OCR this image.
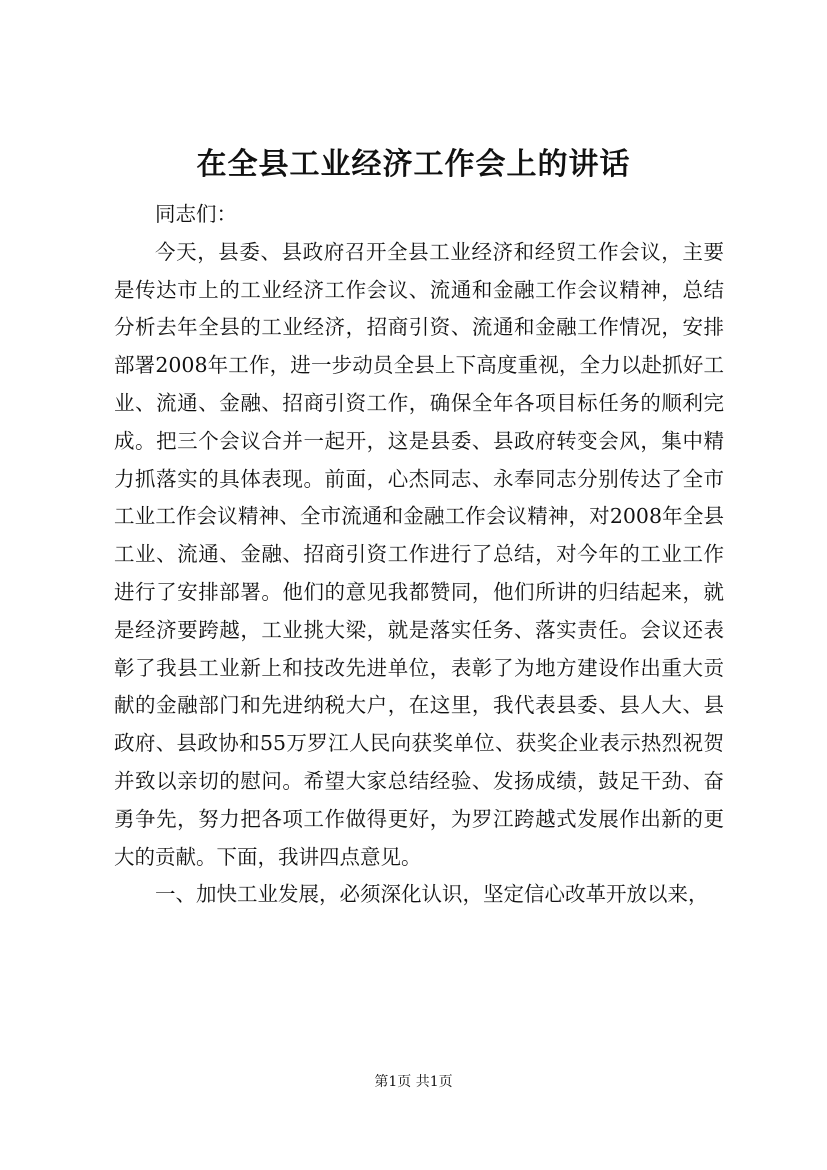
在全县工业经济工作会上的讲话

同志们：

今天，县委、县政府召开全县工业经济和经贸工作会议，主要是传达市上的工业经济工作会议、流通和金融工作会议精神，总结分析去年全县的工业经济，招商引资、流通和金融工作情况，安排部署2008年工作，进一步动员全县上下高度重视，全力以赴抓好工业、流通、金融、招商引资工作，确保全年各项目标任务的顺利完成。把三个会议合并一起开，这是县委、县政府转变会风，集中精力抓落实的具体表现。前面，心杰同志、永奉同志分别传达了全市工业工作会议精神、全市流通和金融工作会议精神，对2008年全县工业、流通、金融、招商引资工作进行了总结，对今年的工业工作进行了安排部署。他们的意见我都赞同，他们所讲的归结起来，就是经济要跨越，工业挑大梁，就是落实任务、落实责任。会议还表彰了我县工业新上和技改先进单位，表彰了为地方建设作出重大贡献的金融部门和先进纳税大户，在这里，我代表县委、县人大、县政府、县政协和55万罗江人民向获奖单位、获奖企业表示热烈祝贺并致以亲切的慰问。希望大家总结经验、发扬成绩，鼓足干劲、奋勇争先，努力把各项工作做得更好，为罗江跨越式发展作出新的更大的贡献。下面，我讲四点意见。

一、加快工业发展，必须深化认识，坚定信心改革开放以来，

第1页 共1页
